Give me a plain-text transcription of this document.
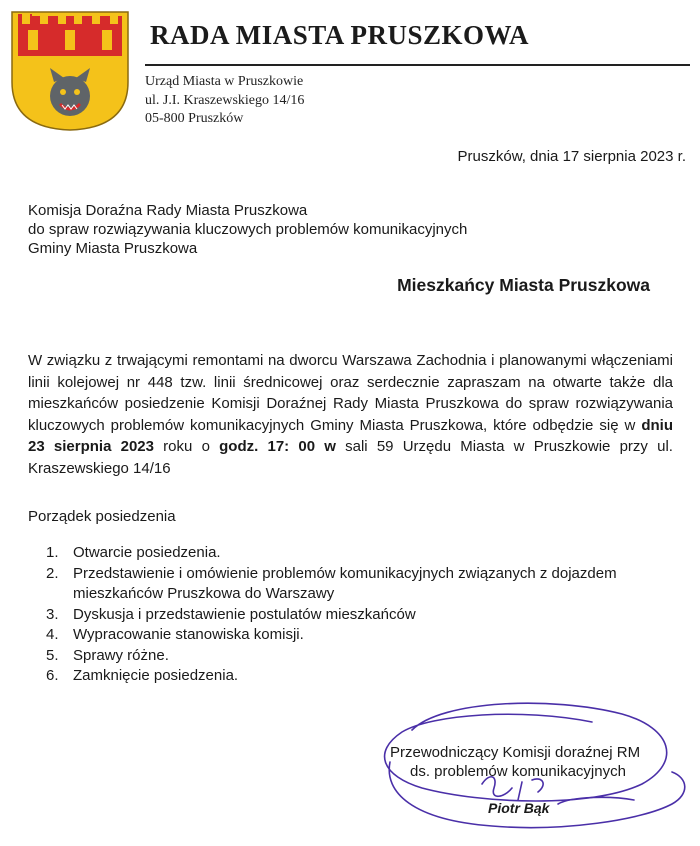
RADA MIASTA PRUSZKOWA
Urząd Miasta w Pruszkowie
ul. J.I. Kraszewskiego 14/16
05-800 Pruszków
Pruszków, dnia 17 sierpnia 2023 r.
Komisja Doraźna Rady Miasta Pruszkowa
do spraw rozwiązywania kluczowych problemów komunikacyjnych
Gminy Miasta Pruszkowa
Mieszkańcy Miasta Pruszkowa

W związku z trwającymi remontami na dworcu Warszawa Zachodnia i planowanymi włączeniami linii kolejowej nr 448 tzw. linii średnicowej oraz serdecznie zapraszam na otwarte także dla mieszkańców posiedzenie Komisji Doraźnej Rady Miasta Pruszkowa do spraw rozwiązywania kluczowych problemów komunikacyjnych Gminy Miasta Pruszkowa, które odbędzie się w dniu 23 sierpnia 2023 roku o godz. 17: 00 w sali 59 Urzędu Miasta w Pruszkowie przy ul. Kraszewskiego 14/16

Porządek posiedzenia
1. Otwarcie posiedzenia.
2. Przedstawienie i omówienie problemów komunikacyjnych związanych z dojazdem mieszkańców Pruszkowa do Warszawy
3. Dyskusja i przedstawienie postulatów mieszkańców
4. Wypracowanie stanowiska komisji.
5. Sprawy różne.
6. Zamknięcie posiedzenia.
Przewodniczący Komisji doraźnej RM
ds. problemów komunikacyjnych
Piotr Bąk
